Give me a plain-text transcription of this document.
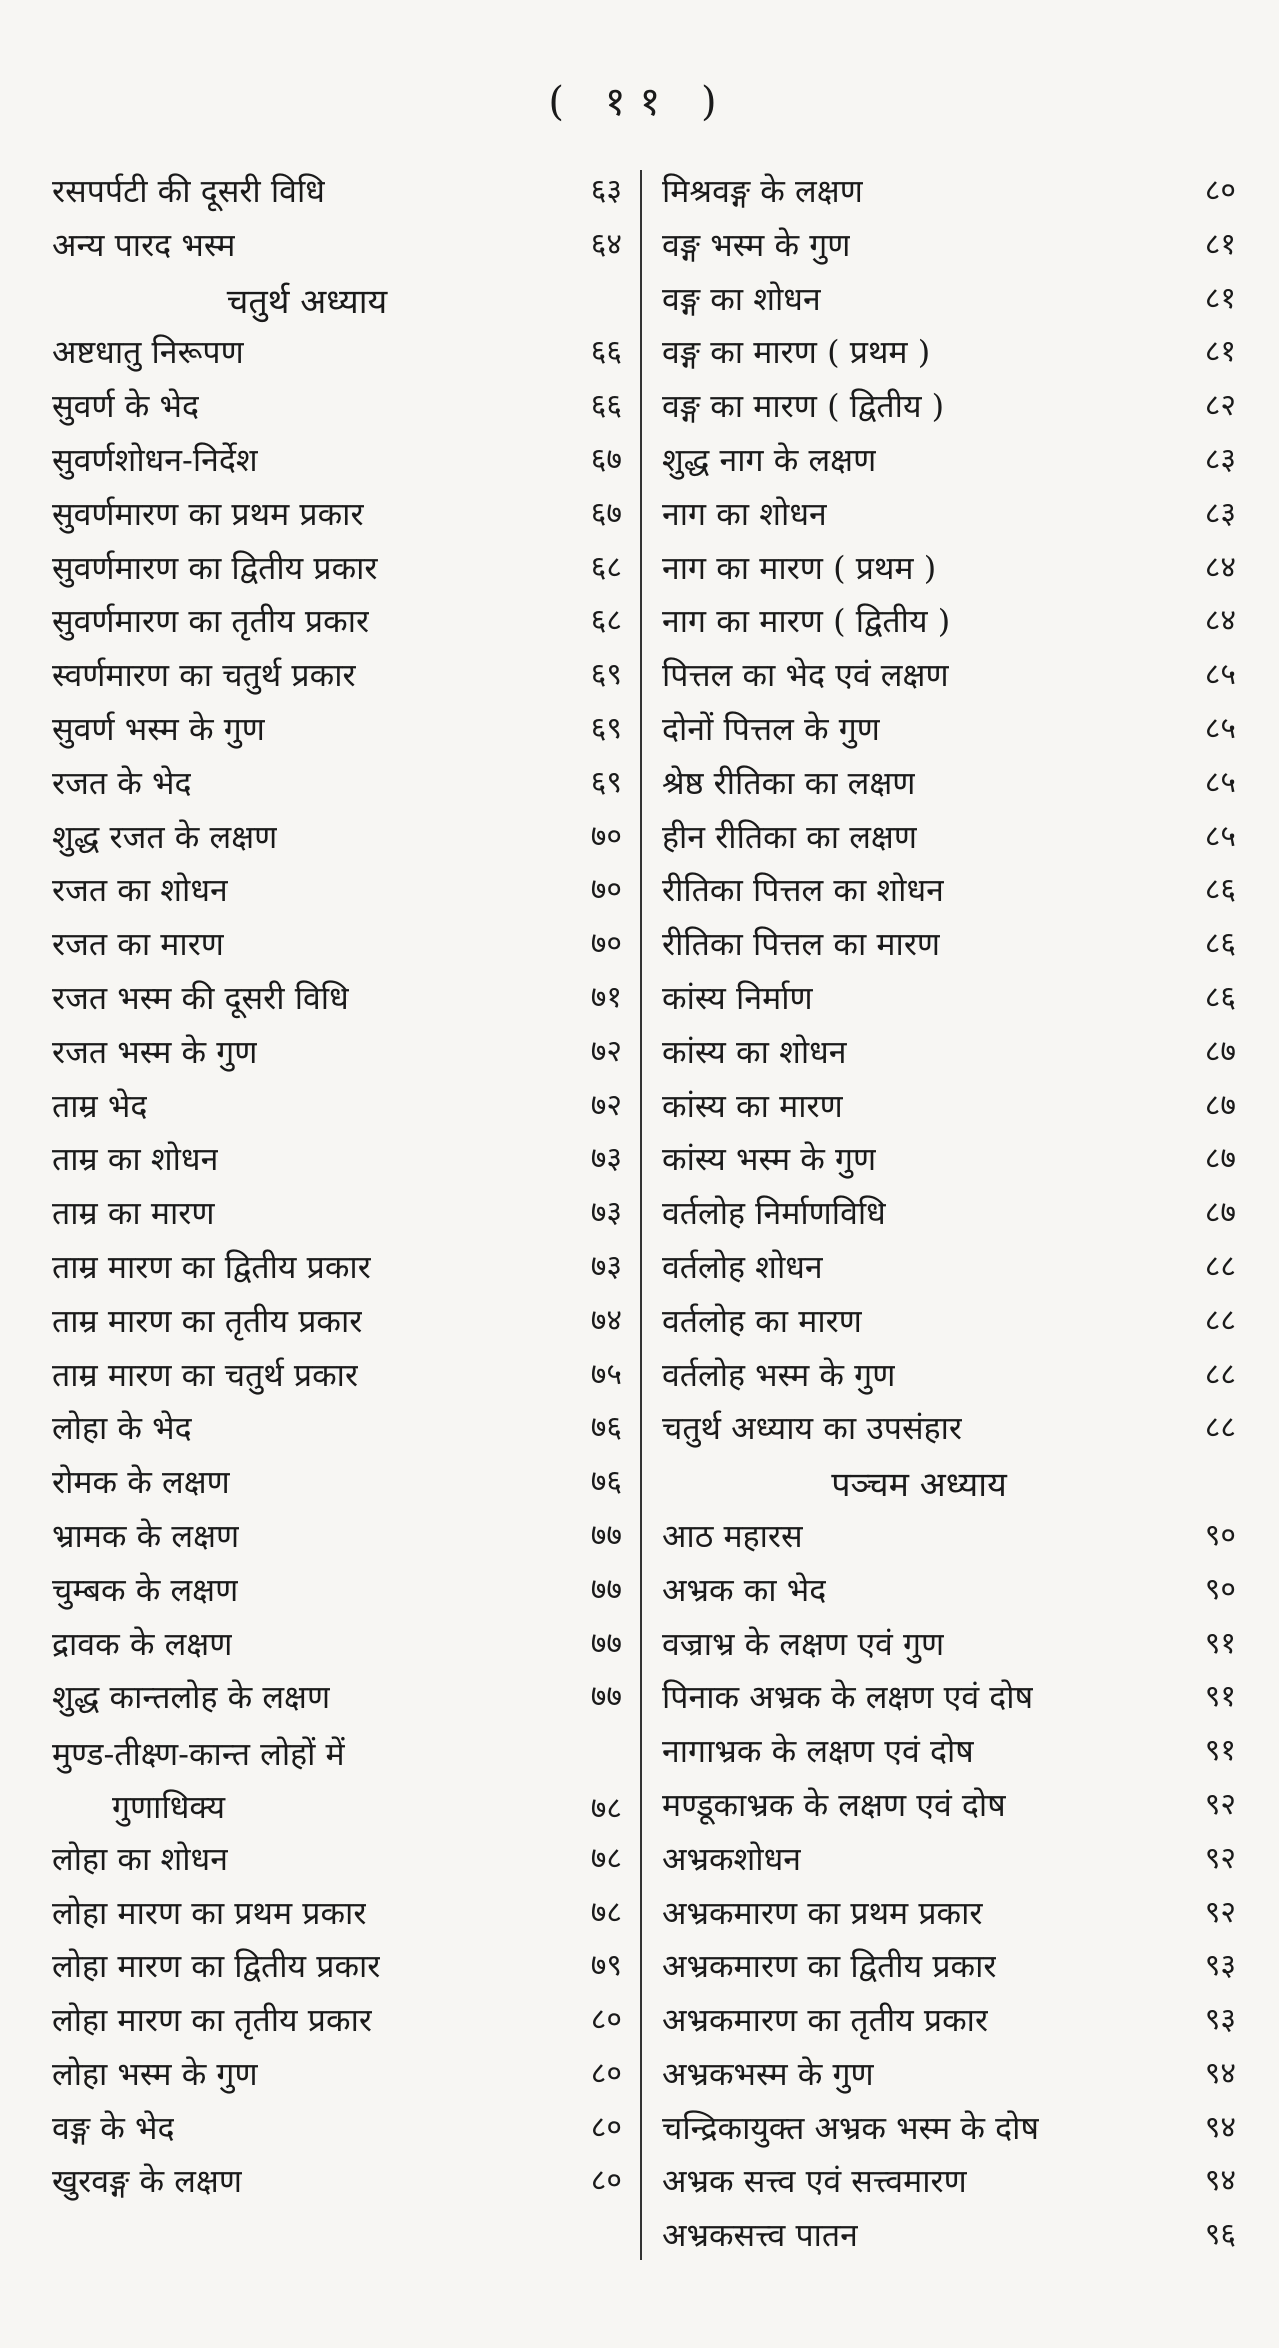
( ११ )
रसपर्पटी की दूसरी विधि	६३
अन्य पारद भस्म	६४
चतुर्थ अध्याय
अष्टधातु निरूपण	६६
सुवर्ण के भेद	६६
सुवर्णशोधन-निर्देश	६७
सुवर्णमारण का प्रथम प्रकार	६७
सुवर्णमारण का द्वितीय प्रकार	६८
सुवर्णमारण का तृतीय प्रकार	६८
स्वर्णमारण का चतुर्थ प्रकार	६९
सुवर्ण भस्म के गुण	६९
रजत के भेद	६९
शुद्ध रजत के लक्षण	७०
रजत का शोधन	७०
रजत का मारण	७०
रजत भस्म की दूसरी विधि	७१
रजत भस्म के गुण	७२
ताम्र भेद	७२
ताम्र का शोधन	७३
ताम्र का मारण	७३
ताम्र मारण का द्वितीय प्रकार	७३
ताम्र मारण का तृतीय प्रकार	७४
ताम्र मारण का चतुर्थ प्रकार	७५
लोहा के भेद	७६
रोमक के लक्षण	७६
भ्रामक के लक्षण	७७
चुम्बक के लक्षण	७७
द्रावक के लक्षण	७७
शुद्ध कान्तलोह के लक्षण	७७
मुण्ड-तीक्ष्ण-कान्त लोहों में
गुणाधिक्य	७८
लोहा का शोधन	७८
लोहा मारण का प्रथम प्रकार	७८
लोहा मारण का द्वितीय प्रकार	७९
लोहा मारण का तृतीय प्रकार	८०
लोहा भस्म के गुण	८०
वङ्ग के भेद	८०
खुरवङ्ग के लक्षण	८०
मिश्रवङ्ग के लक्षण	८०
वङ्ग भस्म के गुण	८१
वङ्ग का शोधन	८१
वङ्ग का मारण ( प्रथम )	८१
वङ्ग का मारण ( द्वितीय )	८२
शुद्ध नाग के लक्षण	८३
नाग का शोधन	८३
नाग का मारण ( प्रथम )	८४
नाग का मारण ( द्वितीय )	८४
पित्तल का भेद एवं लक्षण	८५
दोनों पित्तल के गुण	८५
श्रेष्ठ रीतिका का लक्षण	८५
हीन रीतिका का लक्षण	८५
रीतिका पित्तल का शोधन	८६
रीतिका पित्तल का मारण	८६
कांस्य निर्माण	८६
कांस्य का शोधन	८७
कांस्य का मारण	८७
कांस्य भस्म के गुण	८७
वर्तलोह निर्माणविधि	८७
वर्तलोह शोधन	८८
वर्तलोह का मारण	८८
वर्तलोह भस्म के गुण	८८
चतुर्थ अध्याय का उपसंहार	८८
पञ्चम अध्याय
आठ महारस	९०
अभ्रक का भेद	९०
वज्राभ्र के लक्षण एवं गुण	९१
पिनाक अभ्रक के लक्षण एवं दोष	९१
नागाभ्रक के लक्षण एवं दोष	९१
मण्डूकाभ्रक के लक्षण एवं दोष	९२
अभ्रकशोधन	९२
अभ्रकमारण का प्रथम प्रकार	९२
अभ्रकमारण का द्वितीय प्रकार	९३
अभ्रकमारण का तृतीय प्रकार	९३
अभ्रकभस्म के गुण	९४
चन्द्रिकायुक्त अभ्रक भस्म के दोष	९४
अभ्रक सत्त्व एवं सत्त्वमारण	९४
अभ्रकसत्त्व पातन	९६
